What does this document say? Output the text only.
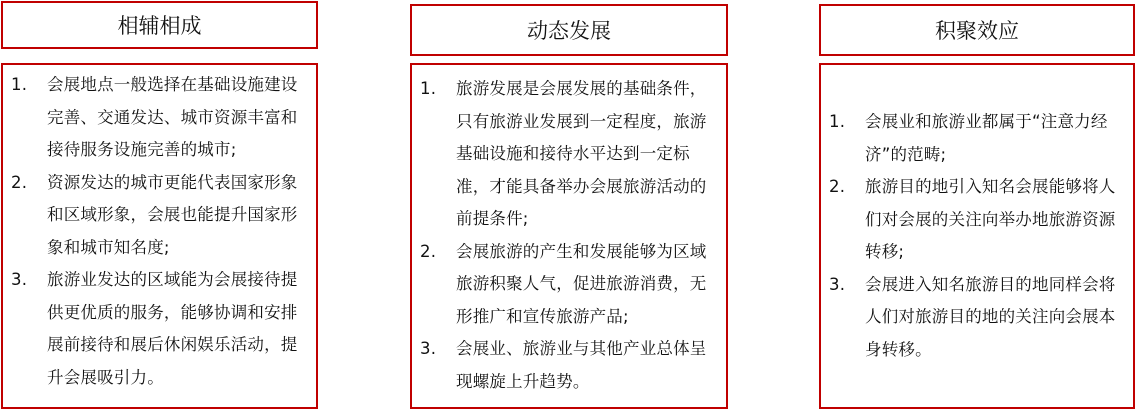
相辅相成
1. 会展地点一般选择在基础设施建设完善、交通发达、城市资源丰富和接待服务设施完善的城市;
2. 资源发达的城市更能代表国家形象和区域形象，会展也能提升国家形象和城市知名度;
3. 旅游业发达的区域能为会展接待提供更优质的服务，能够协调和安排展前接待和展后休闲娱乐活动，提升会展吸引力。
动态发展
1. 旅游发展是会展发展的基础条件，只有旅游业发展到一定程度，旅游基础设施和接待水平达到一定标准，才能具备举办会展旅游活动的前提条件;
2. 会展旅游的产生和发展能够为区域旅游积聚人气，促进旅游消费，无形推广和宣传旅游产品;
3. 会展业、旅游业与其他产业总体呈现螺旋上升趋势。
积聚效应
1. 会展业和旅游业都属于“注意力经济”的范畴;
2. 旅游目的地引入知名会展能够将人们对会展的关注向举办地旅游资源转移;
3. 会展进入知名旅游目的地同样会将人们对旅游目的地的关注向会展本身转移。
